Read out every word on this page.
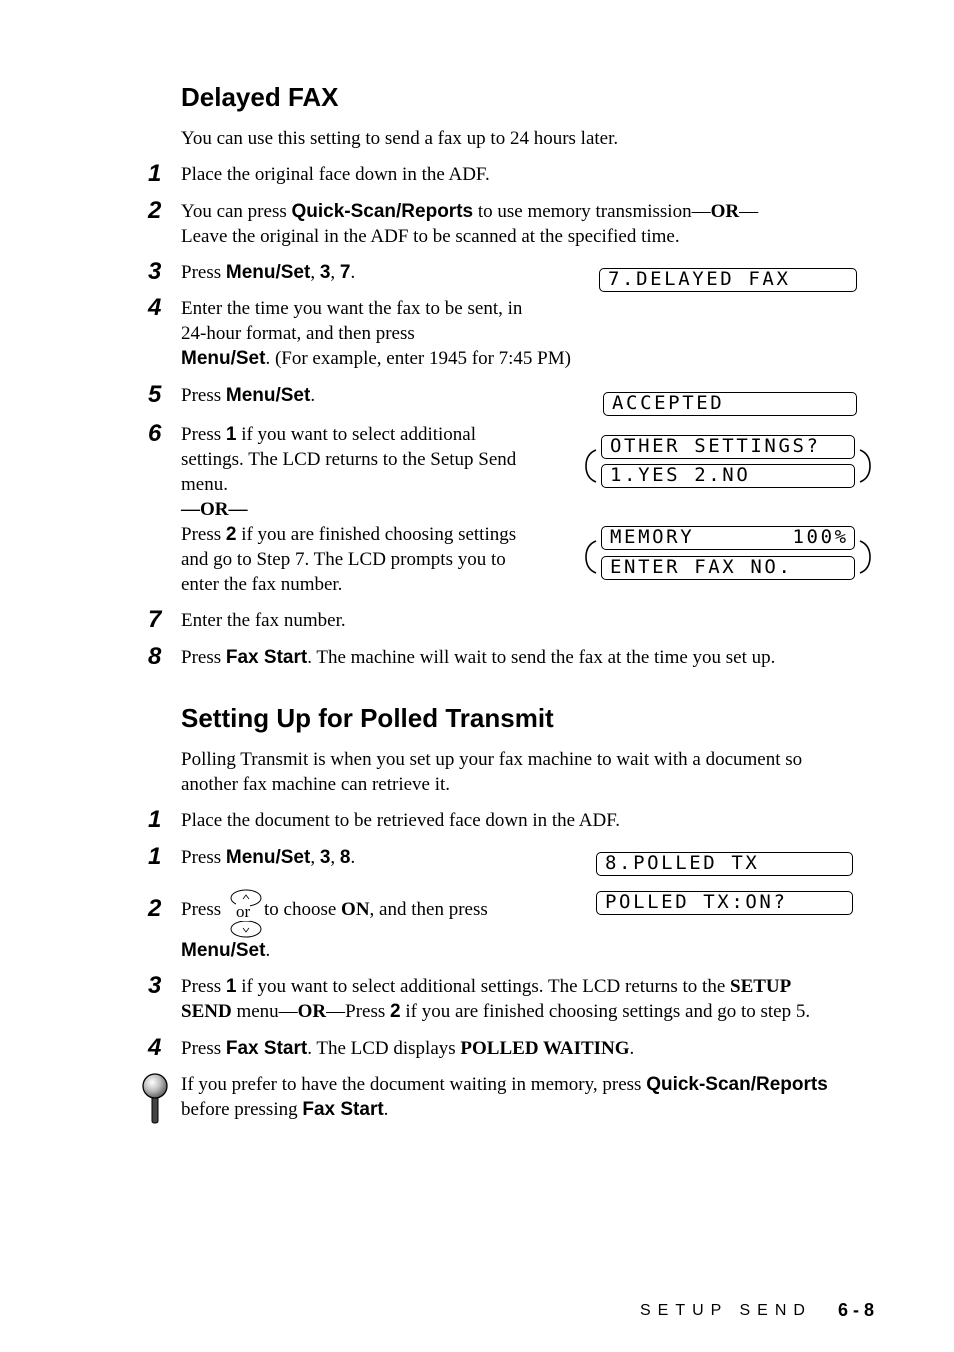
Delayed FAX
You can use this setting to send a fax up to 24 hours later.
1 Place the original face down in the ADF.
2 You can press Quick-Scan/Reports to use memory transmission—OR—
Leave the original in the ADF to be scanned at the specified time.
3 Press Menu/Set, 3, 7.	7.DELAYED FAX
4 Enter the time you want the fax to be sent, in
24-hour format, and then press
Menu/Set. (For example, enter 1945 for 7:45 PM)
5 Press Menu/Set.	ACCEPTED
6 Press 1 if you want to select additional
settings. The LCD returns to the Setup Send
menu.
—OR—
Press 2 if you are finished choosing settings
and go to Step 7. The LCD prompts you to
enter the fax number.
OTHER SETTINGS?
1.YES 2.NO
MEMORY       100%
ENTER FAX NO.
7 Enter the fax number.
8 Press Fax Start. The machine will wait to send the fax at the time you set up.
Setting Up for Polled Transmit
Polling Transmit is when you set up your fax machine to wait with a document so
another fax machine can retrieve it.
1 Place the document to be retrieved face down in the ADF.
1 Press Menu/Set, 3, 8.	8.POLLED TX
2 Press or to choose ON, and then press	POLLED TX:ON?
Menu/Set.
3 Press 1 if you want to select additional settings. The LCD returns to the SETUP
SEND menu—OR—Press 2 if you are finished choosing settings and go to step 5.
4 Press Fax Start. The LCD displays POLLED WAITING.
If you prefer to have the document waiting in memory, press Quick-Scan/Reports
before pressing Fax Start.
SETUP SEND 6 - 8
